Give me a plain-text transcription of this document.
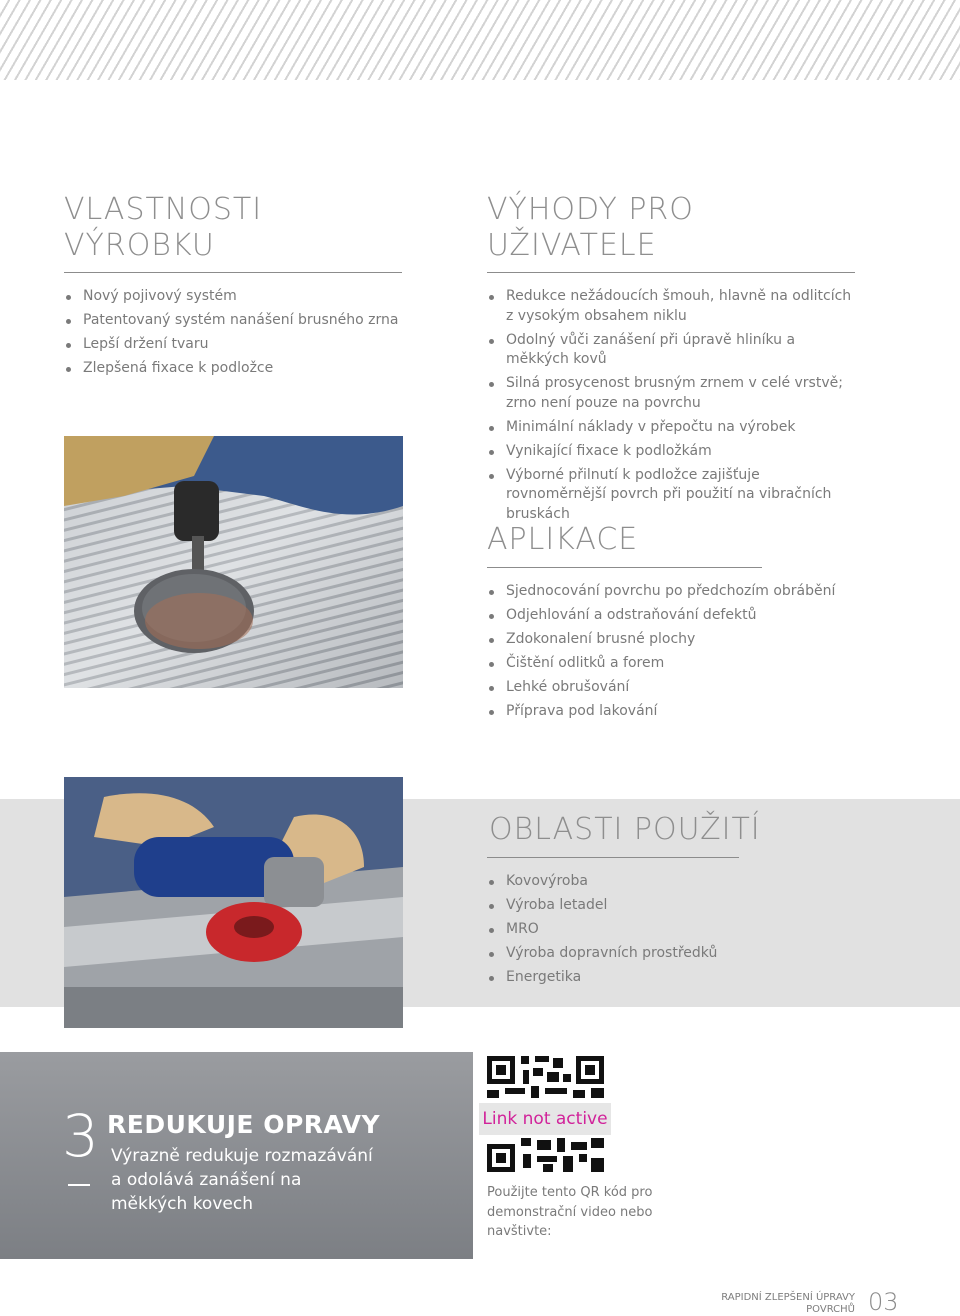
VLASTNOSTI VÝROBKU
Nový pojivový systém
Patentovaný systém nanášení brusného zrna
Lepší držení tvaru
Zlepšená fixace k podložce
VÝHODY PRO UŽIVATELE
Redukce nežádoucích šmouh, hlavně na odlitcích z vysokým obsahem niklu
Odolný vůči zanášení při úpravě hliníku a měkkých kovů
Silná prosycenost brusným zrnem v celé vrstvě; zrno není pouze na povrchu
Minimální náklady v přepočtu na výrobek
Vynikající fixace k podložkám
Výborné přilnutí k podložce zajišťuje rovnoměrnější povrch při použití na vibračních bruskách
APLIKACE
Sjednocování povrchu po předchozím obrábění
Odjehlování a odstraňování defektů
Zdokonalení brusné plochy
Čištění odlitků a forem
Lehké obrušování
Příprava pod lakování
OBLASTI POUŽITÍ
Kovovýroba
Výroba letadel
MRO
Výroba dopravních prostředků
Energetika
3 REDUKUJE OPRAVY
Výrazně redukuje rozmazávání a odolává zanášení na měkkých kovech
Link not active
Použijte tento QR kód pro demonstrační video nebo navštivte:
RAPIDNÍ ZLEPŠENÍ ÚPRAVY
POVRCHŮ 03
